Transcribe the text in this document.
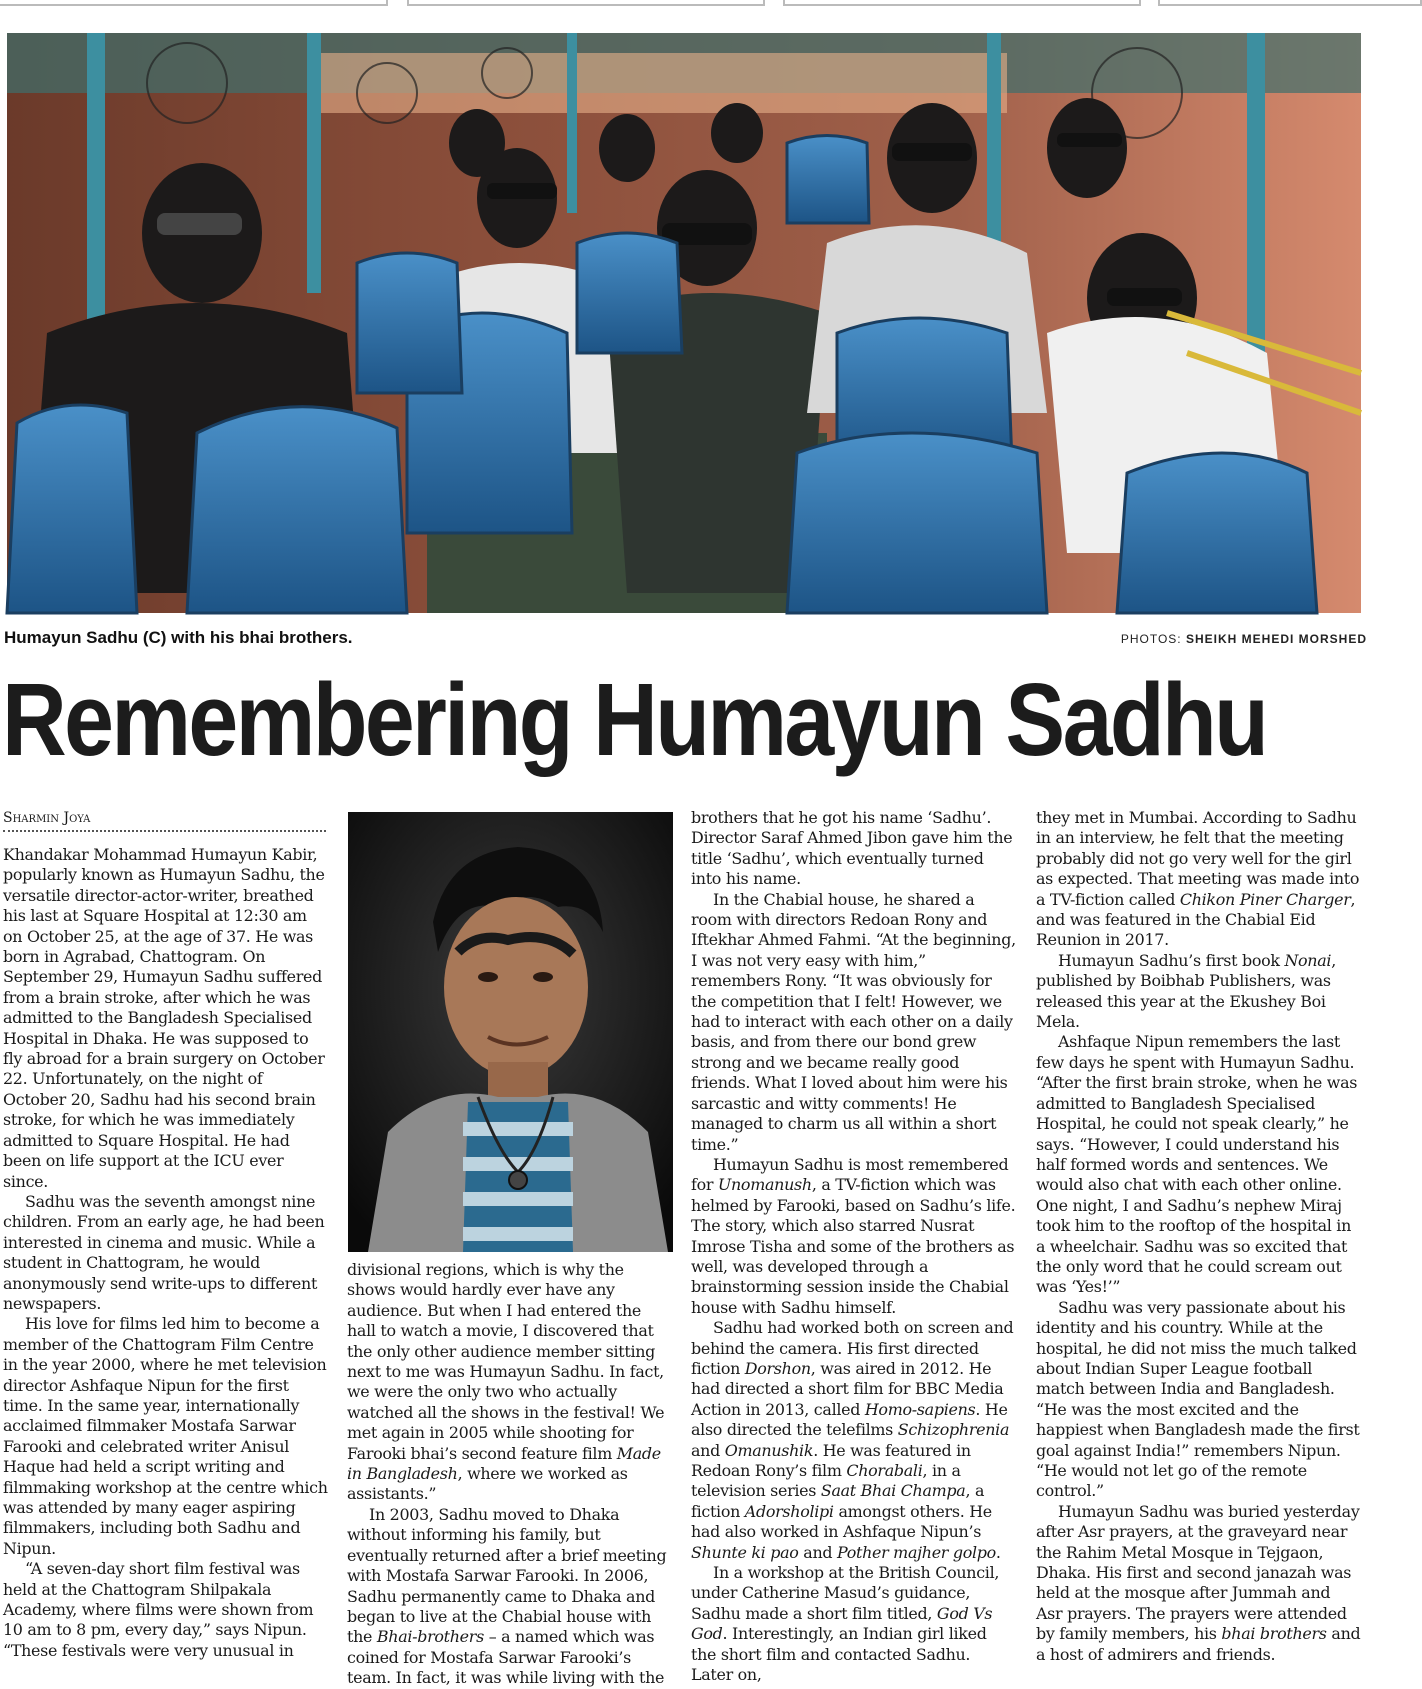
Humayun Sadhu (C) with his bhai brothers.	PHOTOS: SHEIKH MEHEDI MORSHED
Remembering Humayun Sadhu
Sharmin Joya

Khandakar Mohammad Humayun Kabir, popularly known as Humayun Sadhu, the versatile director-actor-writer, breathed his last at Square Hospital at 12:30 am on October 25, at the age of 37. He was born in Agrabad, Chattogram. On September 29, Humayun Sadhu suffered from a brain stroke, after which he was admitted to the Bangladesh Specialised Hospital in Dhaka. He was supposed to fly abroad for a brain surgery on October 22. Unfortunately, on the night of October 20, Sadhu had his second brain stroke, for which he was immediately admitted to Square Hospital. He had been on life support at the ICU ever since.

Sadhu was the seventh amongst nine children. From an early age, he had been interested in cinema and music. While a student in Chattogram, he would anonymously send write-ups to different newspapers.

His love for films led him to become a member of the Chattogram Film Centre in the year 2000, where he met television director Ashfaque Nipun for the first time. In the same year, internationally acclaimed filmmaker Mostafa Sarwar Farooki and celebrated writer Anisul Haque had held a script writing and filmmaking workshop at the centre which was attended by many eager aspiring filmmakers, including both Sadhu and Nipun.

“A seven-day short film festival was held at the Chattogram Shilpakala Academy, where films were shown from 10 am to 8 pm, every day,” says Nipun. “These festivals were very unusual in

divisional regions, which is why the shows would hardly ever have any audience. But when I had entered the hall to watch a movie, I discovered that the only other audience member sitting next to me was Humayun Sadhu. In fact, we were the only two who actually watched all the shows in the festival! We met again in 2005 while shooting for Farooki bhai’s second feature film Made in Bangladesh, where we worked as assistants.”

In 2003, Sadhu moved to Dhaka without informing his family, but eventually returned after a brief meeting with Mostafa Sarwar Farooki. In 2006, Sadhu permanently came to Dhaka and began to live at the Chabial house with the Bhai-brothers – a named which was coined for Mostafa Sarwar Farooki’s team. In fact, it was while living with the

brothers that he got his name ‘Sadhu’. Director Saraf Ahmed Jibon gave him the title ‘Sadhu’, which eventually turned into his name.

In the Chabial house, he shared a room with directors Redoan Rony and Iftekhar Ahmed Fahmi. “At the beginning, I was not very easy with him,” remembers Rony. “It was obviously for the competition that I felt! However, we had to interact with each other on a daily basis, and from there our bond grew strong and we became really good friends. What I loved about him were his sarcastic and witty comments! He managed to charm us all within a short time.”

Humayun Sadhu is most remembered for Unomanush, a TV-fiction which was helmed by Farooki, based on Sadhu’s life. The story, which also starred Nusrat Imrose Tisha and some of the brothers as well, was developed through a brainstorming session inside the Chabial house with Sadhu himself.

Sadhu had worked both on screen and behind the camera. His first directed fiction Dorshon, was aired in 2012. He had directed a short film for BBC Media Action in 2013, called Homo-sapiens. He also directed the telefilms Schizophrenia and Omanushik. He was featured in Redoan Rony’s film Chorabali, in a television series Saat Bhai Champa, a fiction Adorsholipi amongst others. He had also worked in Ashfaque Nipun’s Shunte ki pao and Pother majher golpo.

In a workshop at the British Council, under Catherine Masud’s guidance, Sadhu made a short film titled, God Vs God. Interestingly, an Indian girl liked the short film and contacted Sadhu. Later on,

they met in Mumbai. According to Sadhu in an interview, he felt that the meeting probably did not go very well for the girl as expected. That meeting was made into a TV-fiction called Chikon Piner Charger, and was featured in the Chabial Eid Reunion in 2017.

Humayun Sadhu’s first book Nonai, published by Boibhab Publishers, was released this year at the Ekushey Boi Mela.

Ashfaque Nipun remembers the last few days he spent with Humayun Sadhu. “After the first brain stroke, when he was admitted to Bangladesh Specialised Hospital, he could not speak clearly,” he says. “However, I could understand his half formed words and sentences. We would also chat with each other online. One night, I and Sadhu’s nephew Miraj took him to the rooftop of the hospital in a wheelchair. Sadhu was so excited that the only word that he could scream out was ‘Yes!’”

Sadhu was very passionate about his identity and his country. While at the hospital, he did not miss the much talked about Indian Super League football match between India and Bangladesh. “He was the most excited and the happiest when Bangladesh made the first goal against India!” remembers Nipun. “He would not let go of the remote control.”

Humayun Sadhu was buried yesterday after Asr prayers, at the graveyard near the Rahim Metal Mosque in Tejgaon, Dhaka. His first and second janazah was held at the mosque after Jummah and Asr prayers. The prayers were attended by family members, his bhai brothers and a host of admirers and friends.
